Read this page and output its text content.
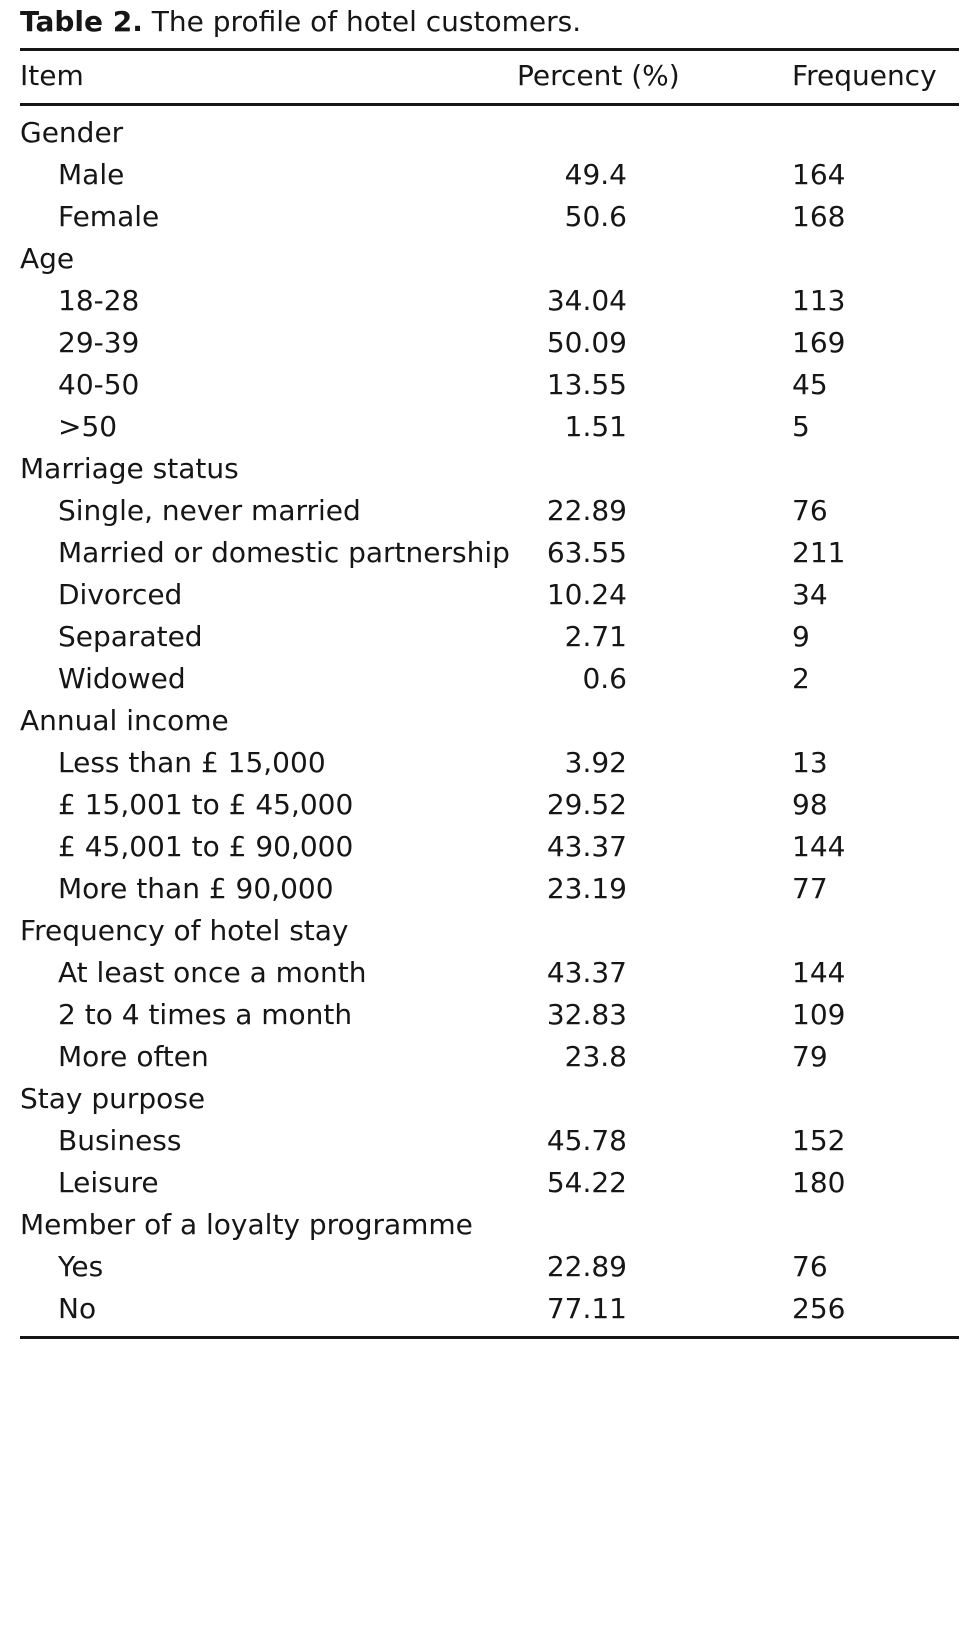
Table 2. The profile of hotel customers.
Item	Percent (%)	Frequency

Gender		

Male	49.4	164

Female	50.6	168

Age		

18-28	34.04	113

29-39	50.09	169

40-50	13.55	45

>50	1.51	5

Marriage status		

Single, never married	22.89	76

Married or domestic partnership	63.55	211

Divorced	10.24	34

Separated	2.71	9

Widowed	0.6	2

Annual income		

Less than £ 15,000	3.92	13

£ 15,001 to £ 45,000	29.52	98

£ 45,001 to £ 90,000	43.37	144

More than £ 90,000	23.19	77

Frequency of hotel stay		

At least once a month	43.37	144

2 to 4 times a month	32.83	109

More often	23.8	79

Stay purpose		

Business	45.78	152

Leisure	54.22	180

Member of a loyalty programme		

Yes	22.89	76

No	77.11	256
